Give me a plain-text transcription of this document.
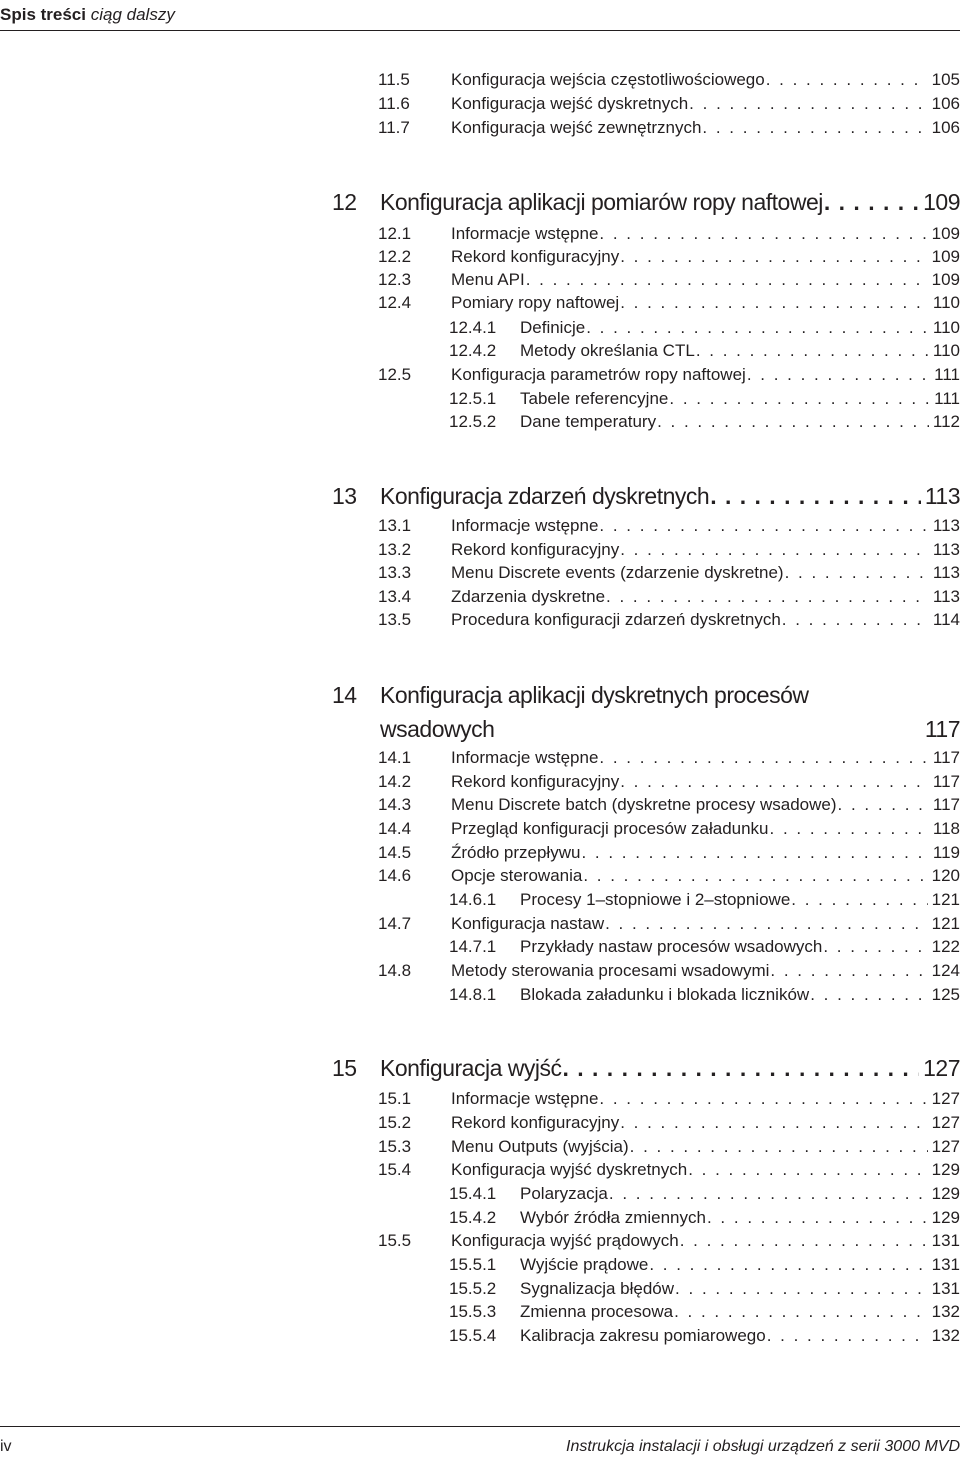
Spis treści ciąg dalszy
11.5 Konfiguracja wejścia częstotliwościowego . . .	105
11.6 Konfiguracja wejść dyskretnych . . .	106
11.7 Konfiguracja wejść zewnętrznych . . .	106
12 Konfiguracja aplikacji pomiarów ropy naftowej . . .	109
12.1 Informacje wstępne . . .	109
12.2 Rekord konfiguracyjny . . .	109
12.3 Menu API . . .	109
12.4 Pomiary ropy naftowej . . .	110
12.4.1 Definicje . . .	110
12.4.2 Metody określania CTL . . .	110
12.5 Konfiguracja parametrów ropy naftowej . . .	111
12.5.1 Tabele referencyjne . . .	111
12.5.2 Dane temperatury . . .	112
13 Konfiguracja zdarzeń dyskretnych . . .	113
13.1 Informacje wstępne . . .	113
13.2 Rekord konfiguracyjny . . .	113
13.3 Menu Discrete events (zdarzenie dyskretne) . . .	113
13.4 Zdarzenia dyskretne . . .	113
13.5 Procedura konfiguracji zdarzeń dyskretnych . . .	114
14 Konfiguracja aplikacji dyskretnych procesów
wsadowych	117
14.1 Informacje wstępne . . .	117
14.2 Rekord konfiguracyjny . . .	117
14.3 Menu Discrete batch (dyskretne procesy wsadowe) . . .	117
14.4 Przegląd konfiguracji procesów załadunku . . .	118
14.5 Źródło przepływu . . .	119
14.6 Opcje sterowania . . .	120
14.6.1 Procesy 1–stopniowe i 2–stopniowe . . .	121
14.7 Konfiguracja nastaw . . .	121
14.7.1 Przykłady nastaw procesów wsadowych . . .	122
14.8 Metody sterowania procesami wsadowymi . . .	124
14.8.1 Blokada załadunku i blokada liczników . . .	125
15 Konfiguracja wyjść . . .	127
15.1 Informacje wstępne . . .	127
15.2 Rekord konfiguracyjny . . .	127
15.3 Menu Outputs (wyjścia) . . .	127
15.4 Konfiguracja wyjść dyskretnych . . .	129
15.4.1 Polaryzacja . . .	129
15.4.2 Wybór źródła zmiennych . . .	129
15.5 Konfiguracja wyjść prądowych . . .	131
15.5.1 Wyjście prądowe . . .	131
15.5.2 Sygnalizacja błędów . . .	131
15.5.3 Zmienna procesowa . . .	132
15.5.4 Kalibracja zakresu pomiarowego . . .	132
iv	Instrukcja instalacji i obsługi urządzeń z serii 3000 MVD
